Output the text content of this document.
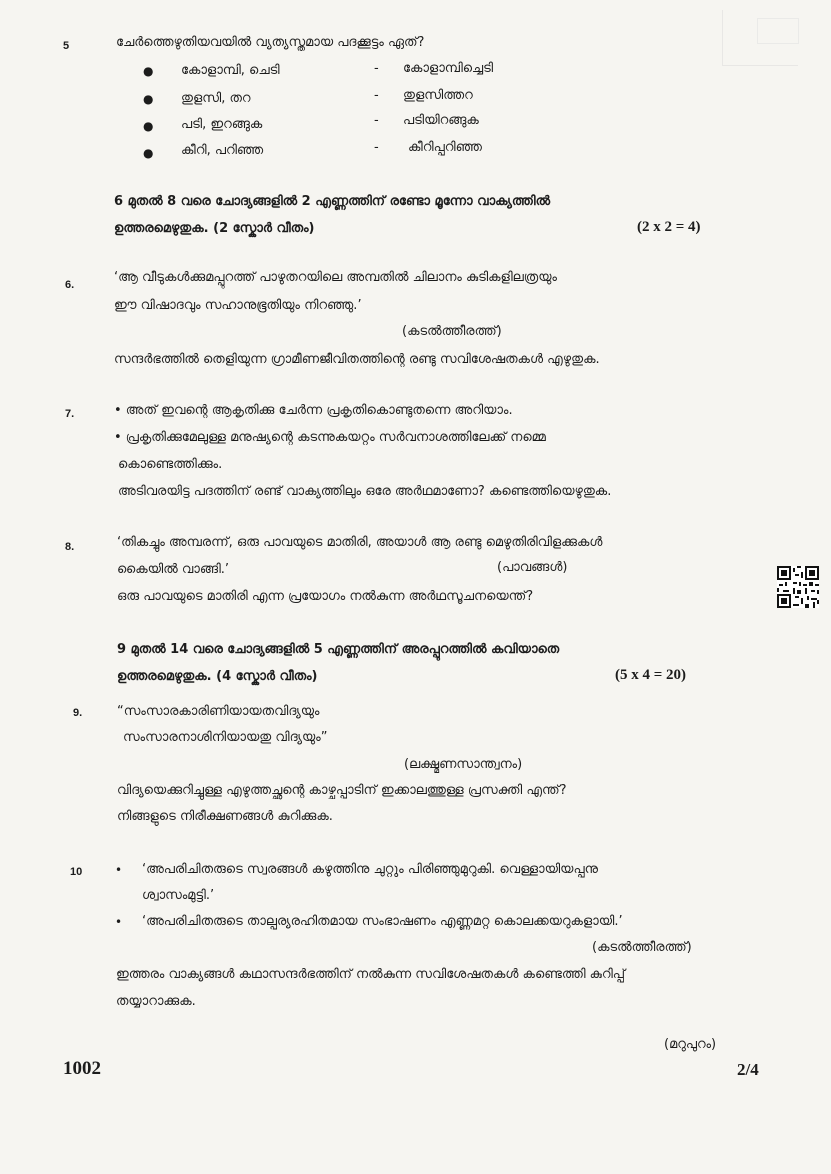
5	ചേർത്തെഴുതിയവയിൽ വ്യത്യസ്തമായ പദക്കൂട്ടം ഏത്?
● കോളാമ്പി, ചെടി	- കോളാമ്പിച്ചെടി
● തുളസി, തറ	- തുളസിത്തറ
● പടി, ഇറങ്ങുക	- പടിയിറങ്ങുക
● കീറി, പറിഞ്ഞ	- കീറിപ്പറിഞ്ഞ
6 മുതൽ 8 വരെ ചോദ്യങ്ങളിൽ 2 എണ്ണത്തിന് രണ്ടോ മൂന്നോ വാക്യത്തിൽ
ഉത്തരമെഴുതുക. (2 സ്കോർ വീതം)	(2 x 2 = 4)
6.	‘ആ വീടുകൾക്കുമപ്പുറത്ത് പാഴുതറയിലെ അമ്പതിൽ ചിലാനം കുടികളിലത്രയും
ഈ വിഷാദവും സഹാനുഭൂതിയും നിറഞ്ഞു.’
(കടൽത്തീരത്ത്)
സന്ദർഭത്തിൽ തെളിയുന്ന ഗ്രാമീണജീവിതത്തിന്റെ രണ്ടു സവിശേഷതകൾ എഴുതുക.
7.	• അത് ഇവന്റെ ആകൃതിക്കു ചേർന്ന പ്രകൃതികൊണ്ടുതന്നെ അറിയാം.
• പ്രകൃതിക്കുമേലുള്ള മനുഷ്യന്റെ കടന്നുകയറ്റം സർവനാശത്തിലേക്ക് നമ്മെ
കൊണ്ടെത്തിക്കും.
അടിവരയിട്ട പദത്തിന് രണ്ട് വാക്യത്തിലും ഒരേ അർഥമാണോ? കണ്ടെത്തിയെഴുതുക.
8.	‘തികച്ചും അമ്പരന്ന്, ഒരു പാവയുടെ മാതിരി, അയാൾ ആ രണ്ടു മെഴുതിരിവിളക്കുകൾ
കൈയിൽ വാങ്ങി.’	(പാവങ്ങൾ)
ഒരു പാവയുടെ മാതിരി എന്ന പ്രയോഗം നൽകുന്ന അർഥസൂചനയെന്ത്?
9 മുതൽ 14 വരെ ചോദ്യങ്ങളിൽ 5 എണ്ണത്തിന് അരപ്പുറത്തിൽ കവിയാതെ
ഉത്തരമെഴുതുക. (4 സ്കോർ വീതം)	(5 x 4 = 20)
9.	“സംസാരകാരിണിയായതവിദ്യയും
സംസാരനാശിനിയായതു വിദ്യയും”
(ലക്ഷ്മണസാന്ത്വനം)
വിദ്യയെക്കുറിച്ചുള്ള എഴുത്തച്ഛന്റെ കാഴ്ചപ്പാടിന് ഇക്കാലത്തുള്ള പ്രസക്തി എന്ത്?
നിങ്ങളുടെ നിരീക്ഷണങ്ങൾ കുറിക്കുക.
10	• ‘അപരിചിതരുടെ സ്വരങ്ങൾ കഴുത്തിനു ചുറ്റും പിരിഞ്ഞുമുറുകി. വെള്ളായിയപ്പനു
ശ്വാസംമുട്ടി.’
• ‘അപരിചിതരുടെ താല്പര്യരഹിതമായ സംഭാഷണം എണ്ണമറ്റ കൊലക്കയറുകളായി.’
(കടൽത്തീരത്ത്)
ഇത്തരം വാക്യങ്ങൾ കഥാസന്ദർഭത്തിന് നൽകുന്ന സവിശേഷതകൾ കണ്ടെത്തി കുറിപ്പ്
തയ്യാറാക്കുക.
(മറുപുറം)
1002	2/4
